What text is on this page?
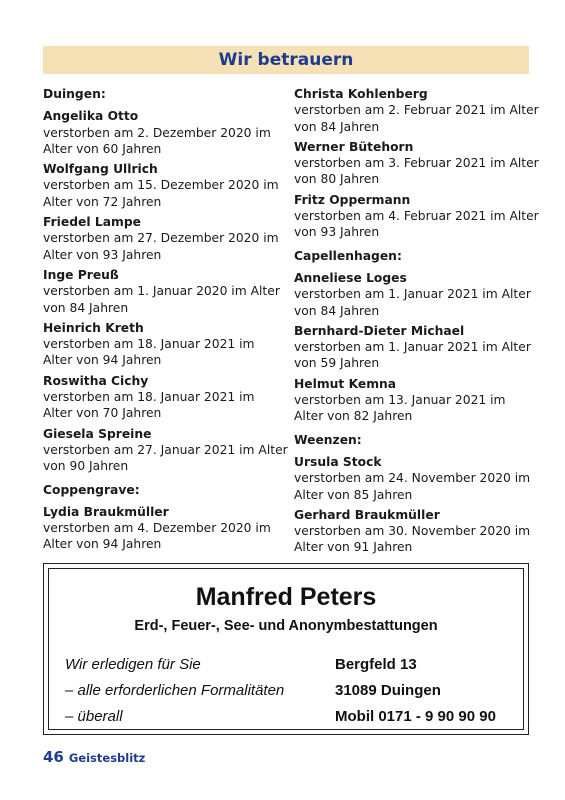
Wir betrauern
Duingen:
Angelika Otto
verstorben am 2. Dezember 2020 im
Alter von 60 Jahren
Wolfgang Ullrich
verstorben am 15. Dezember 2020 im
Alter von 72 Jahren
Friedel Lampe
verstorben am 27. Dezember 2020 im
Alter von 93 Jahren
Inge Preuß
verstorben am 1. Januar 2020 im Alter
von 84 Jahren
Heinrich Kreth
verstorben am 18. Januar 2021 im
Alter von 94 Jahren
Roswitha Cichy
verstorben am 18. Januar 2021 im
Alter von 70 Jahren
Giesela Spreine
verstorben am 27. Januar 2021 im Alter
von 90 Jahren
Coppengrave:
Lydia Braukmüller
verstorben am 4. Dezember 2020 im
Alter von 94 Jahren
Christa Kohlenberg
verstorben am 2. Februar 2021 im Alter
von 84 Jahren
Werner Bütehorn
verstorben am 3. Februar 2021 im Alter
von 80 Jahren
Fritz Oppermann
verstorben am 4. Februar 2021 im Alter
von 93 Jahren
Capellenhagen:
Anneliese Loges
verstorben am 1. Januar 2021 im Alter
von 84 Jahren
Bernhard-Dieter Michael
verstorben am 1. Januar 2021 im Alter
von 59 Jahren
Helmut Kemna
verstorben am 13. Januar 2021 im
Alter von 82 Jahren
Weenzen:
Ursula Stock
verstorben am 24. November 2020 im
Alter von 85 Jahren
Gerhard Braukmüller
verstorben am 30. November 2020 im
Alter von 91 Jahren
Manfred Peters
Erd-, Feuer-, See- und Anonymbestattungen
Wir erledigen für Sie
– alle erforderlichen Formalitäten
– überall
Bergfeld 13
31089 Duingen
Mobil 0171 - 9 90 90 90
46 Geistesblitz
